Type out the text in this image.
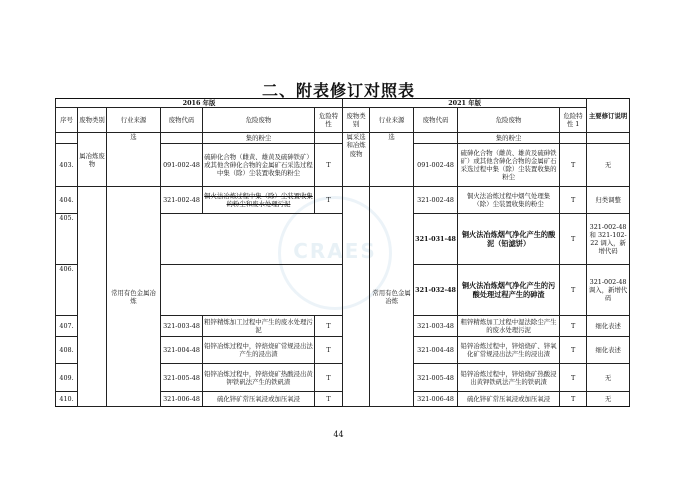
二、附表修订对照表
CRAES
2016 年版						2021 年版					主要修订说明
序号	废物类别	行业来源	废物代码	危险废物	危险特性	废物类别	行业来源	废物代码	危险废物	危险特性 1	
	属冶炼废物	选		集的粉尘		属采选和冶炼废物	选		集的粉尘		
403.			091-002-48	硫砷化合物（雌黄、雄黄及硫砷铁矿）或其他含砷化合物的金属矿石采选过程中集（除）尘装置收集的粉尘	T			091-002-48	硫砷化合物（雌黄、雄黄及硫砷铁矿）或其他含砷化合物的金属矿石采选过程中集（除）尘装置收集的粉尘	T	无
404.		常用有色金属冶炼	321-002-48	铜火法冶炼过程中集（除）尘装置收集的粉尘和废水处理污泥	T		常用有色金属冶炼	321-002-48	铜火法冶炼过程中烟气处理集（除）尘装置收集的粉尘	T	归类调整
405.								321-031-48	铜火法冶炼烟气净化产生的酸泥（铅滤饼）	T	321-002-48 和 321-102-22 调入，新增代码
406.								321-032-48	铜火法冶炼烟气净化产生的污酸处理过程产生的砷渣	T	321-002-48 调入，新增代码
407.			321-003-48	粗锌精炼加工过程中产生的废水处理污泥	T			321-003-48	粗锌精炼加工过程中湿法除尘产生的废水处理污泥	T	细化表述
408.			321-004-48	铅锌冶炼过程中，锌焙烧矿常规浸出法产生的浸出渣	T			321-004-48	铅锌冶炼过程中，锌焙烧矿、锌氧化矿常规浸出法产生的浸出渣	T	细化表述
409.			321-005-48	铅锌冶炼过程中，锌焙烧矿热酸浸出黄钾铁矾法产生的铁矾渣	T			321-005-48	铅锌冶炼过程中，锌焙烧矿热酸浸出黄钾铁矾法产生的铁矾渣	T	无
410.			321-006-48	硫化锌矿常压氧浸或加压氧浸	T			321-006-48	硫化锌矿常压氧浸或加压氧浸	T	无
44
